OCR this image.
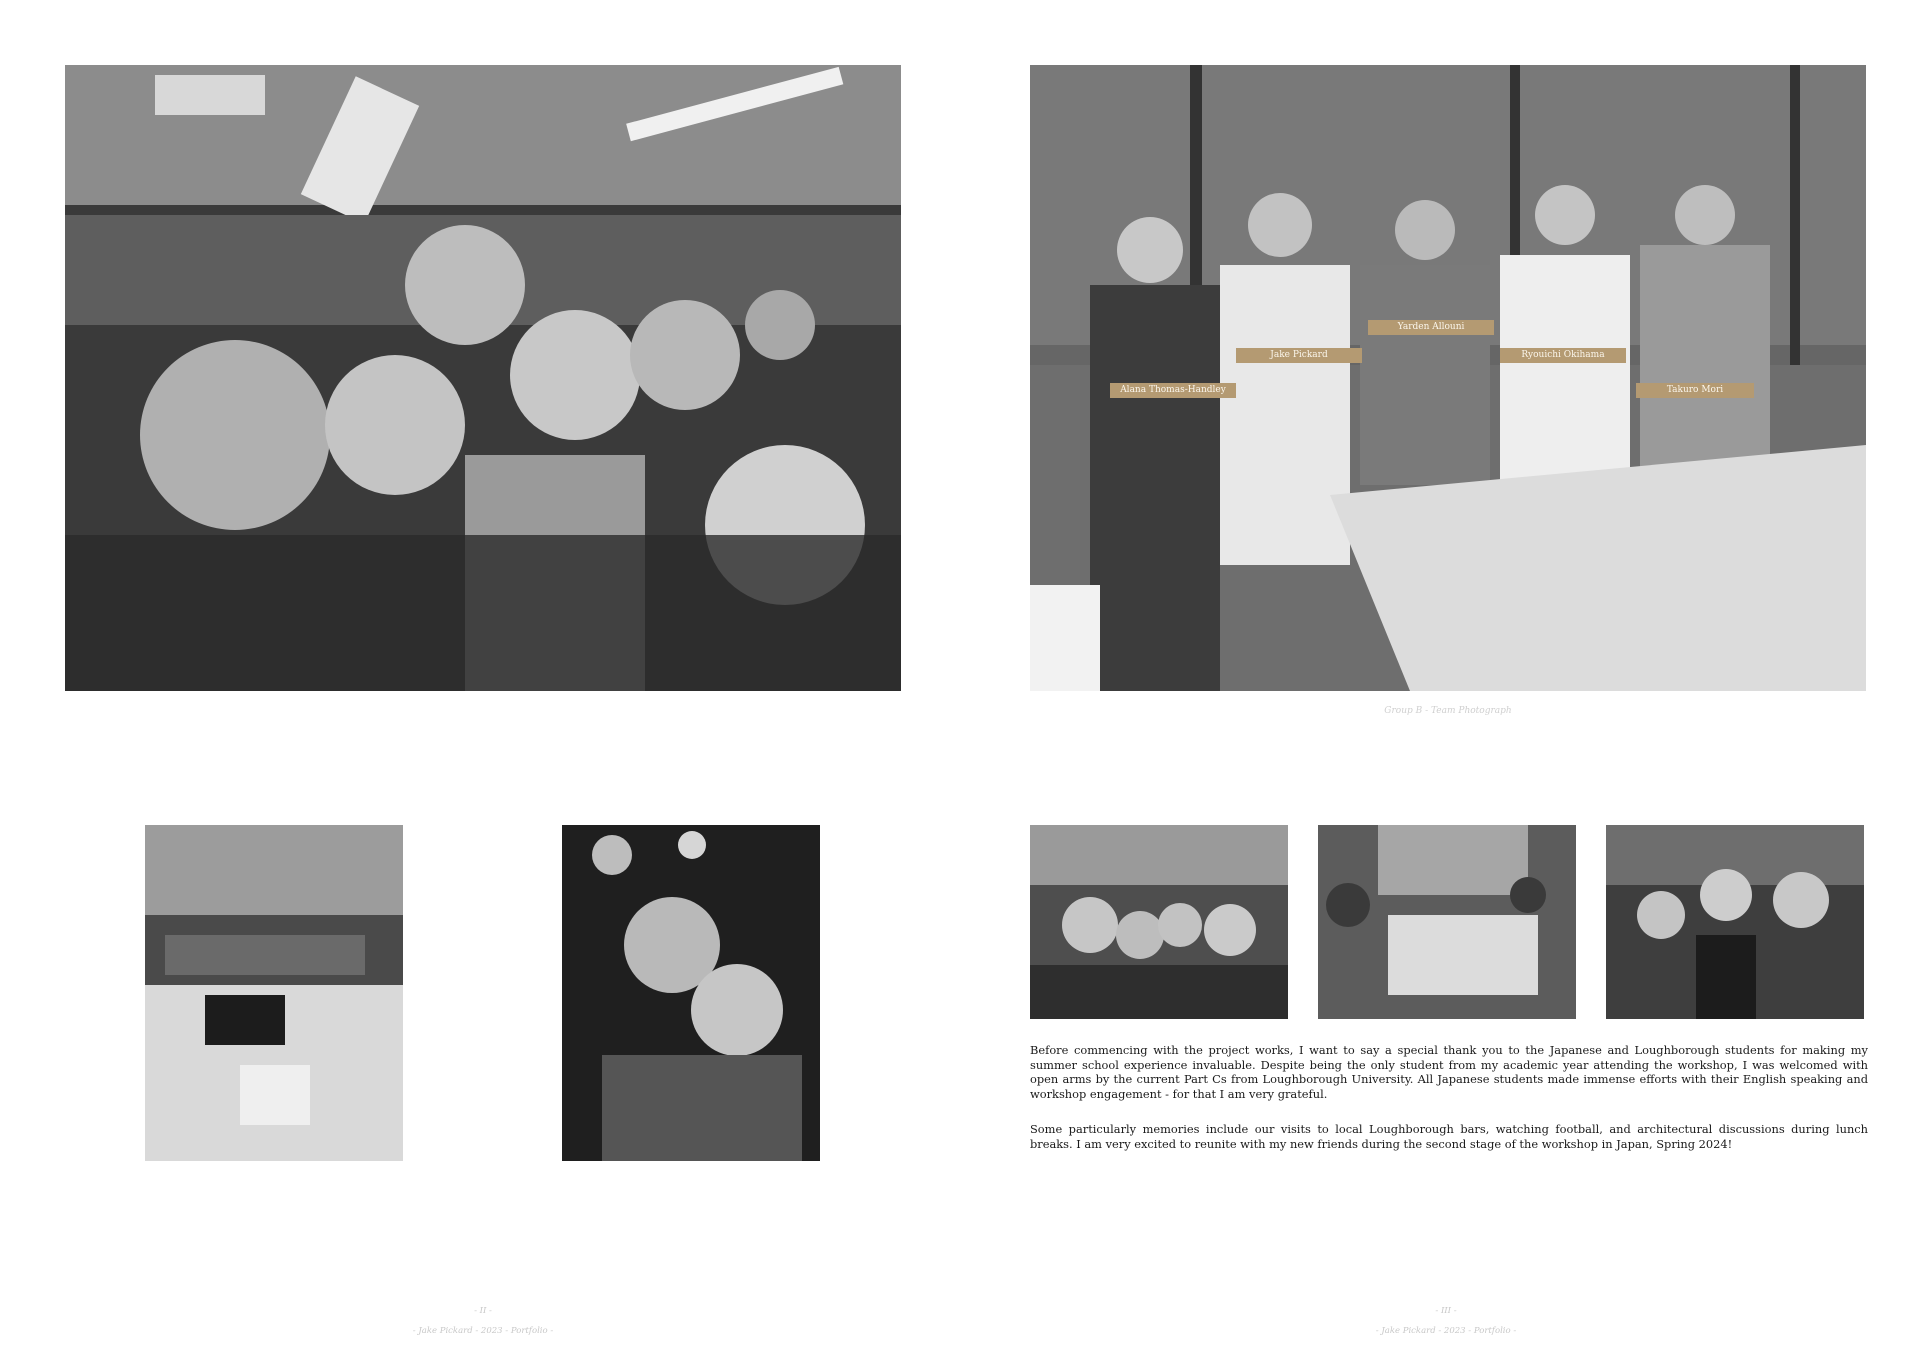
- II -
- Jake Pickard - 2023 - Portfolio -
Alana Thomas-Handley
Jake Pickard
Yarden Allouni
Ryouichi Okihama
Takuro Mori
Group B - Team Photograph

Before commencing with the project works, I want to say a special thank you to the Japanese and Loughborough students for making my summer school experience invaluable. Despite being the only student from my academic year attending the workshop, I was welcomed with open arms by the current Part Cs from Loughborough University. All Japanese students made immense efforts with their English speaking and workshop engagement - for that I am very grateful.

Some particularly memories include our visits to local Loughborough bars, watching football, and architectural discussions during lunch breaks. I am very excited to reunite with my new friends during the second stage of the workshop in Japan, Spring 2024!

- III -
- Jake Pickard - 2023 - Portfolio -
